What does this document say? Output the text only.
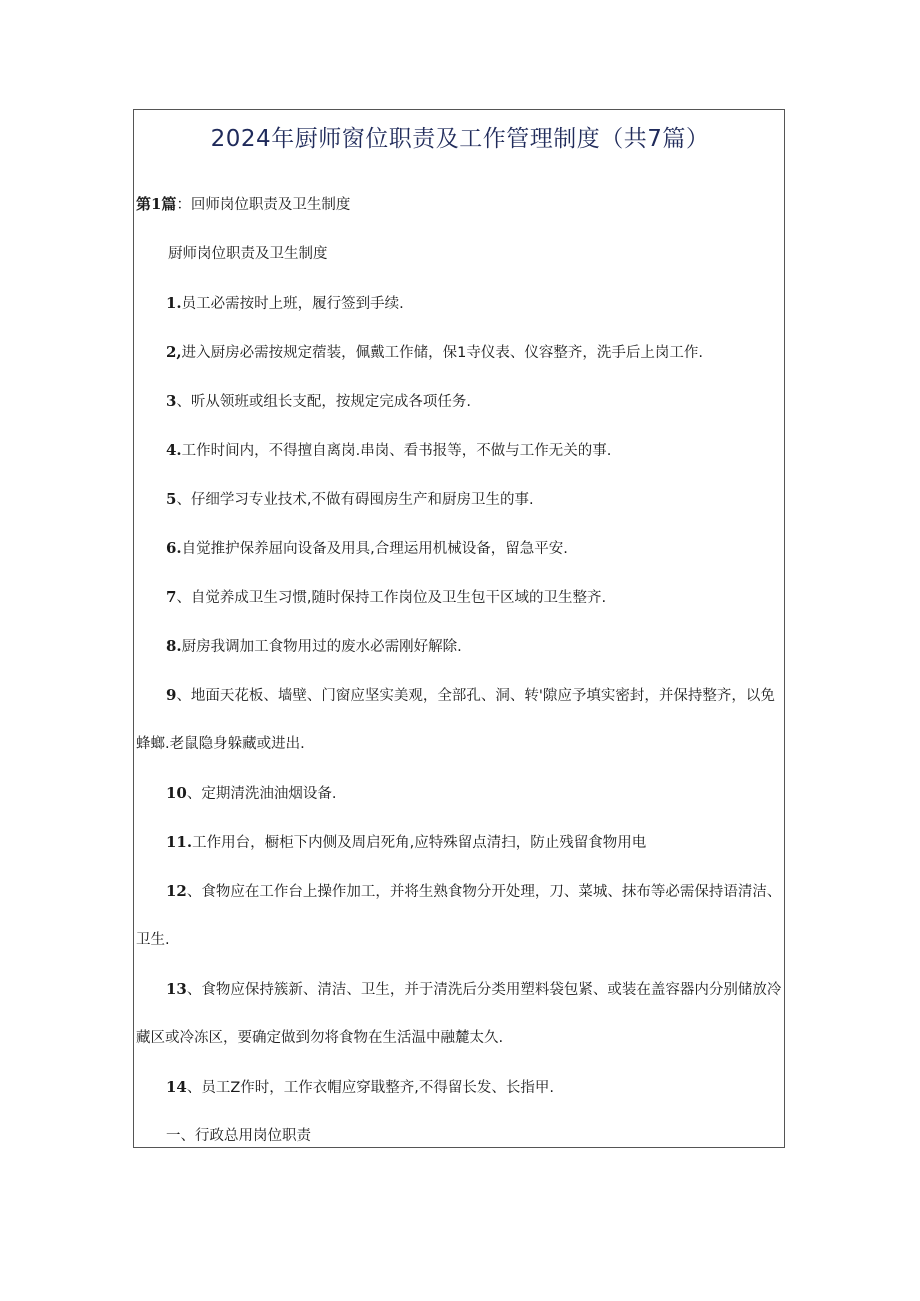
2024年厨师窗位职责及工作管理制度（共7篇）
第1篇：回师岗位职责及卫生制度
厨师岗位职责及卫生制度
1.员工必需按时上班，履行签到手续.
2,进入厨房必需按规定蓿装，佩戴工作储，保1寺仪表、仪容整齐，洗手后上岗工作.
3、听从领班或组长支配，按规定完成各项任务.
4.工作时间内，不得擅自离岗.串岗、看书报等，不做与工作无关的事.
5、仔细学习专业技术,不做有碍囤房生产和厨房卫生的事.
6.自觉推护保养屈向设备及用具,合理运用机械设备，留急平安.
7、自觉养成卫生习惯,随时保持工作岗位及卫生包干区域的卫生整齐.
8.厨房我调加工食物用过的废水必需刚好解除.
9、地面天花板、墙壁、门窗应坚实美观，全部孔、洞、转'隙应予填实密封，并保持整齐，以免
蜂螂.老鼠隐身躲藏或进出.
10、定期清洗油油烟设备.
11.工作用台，橱柜下内侧及周启死角,应特殊留点清扫，防止残留食物用电
12、食物应在工作台上操作加工，并将生熟食物分开处理，刀、菜城、抹布等必需保持语清洁、
卫生.
13、食物应保持簇新、清洁、卫生，并于清洗后分类用塑料袋包紧、或装在盖容器内分别储放冷
藏区或冷冻区，要确定做到勿将食物在生活温中融麓太久.
14、员工Z作时，工作衣帽应穿戢整齐,不得留长发、长指甲.
一、行政总用岗位职责
